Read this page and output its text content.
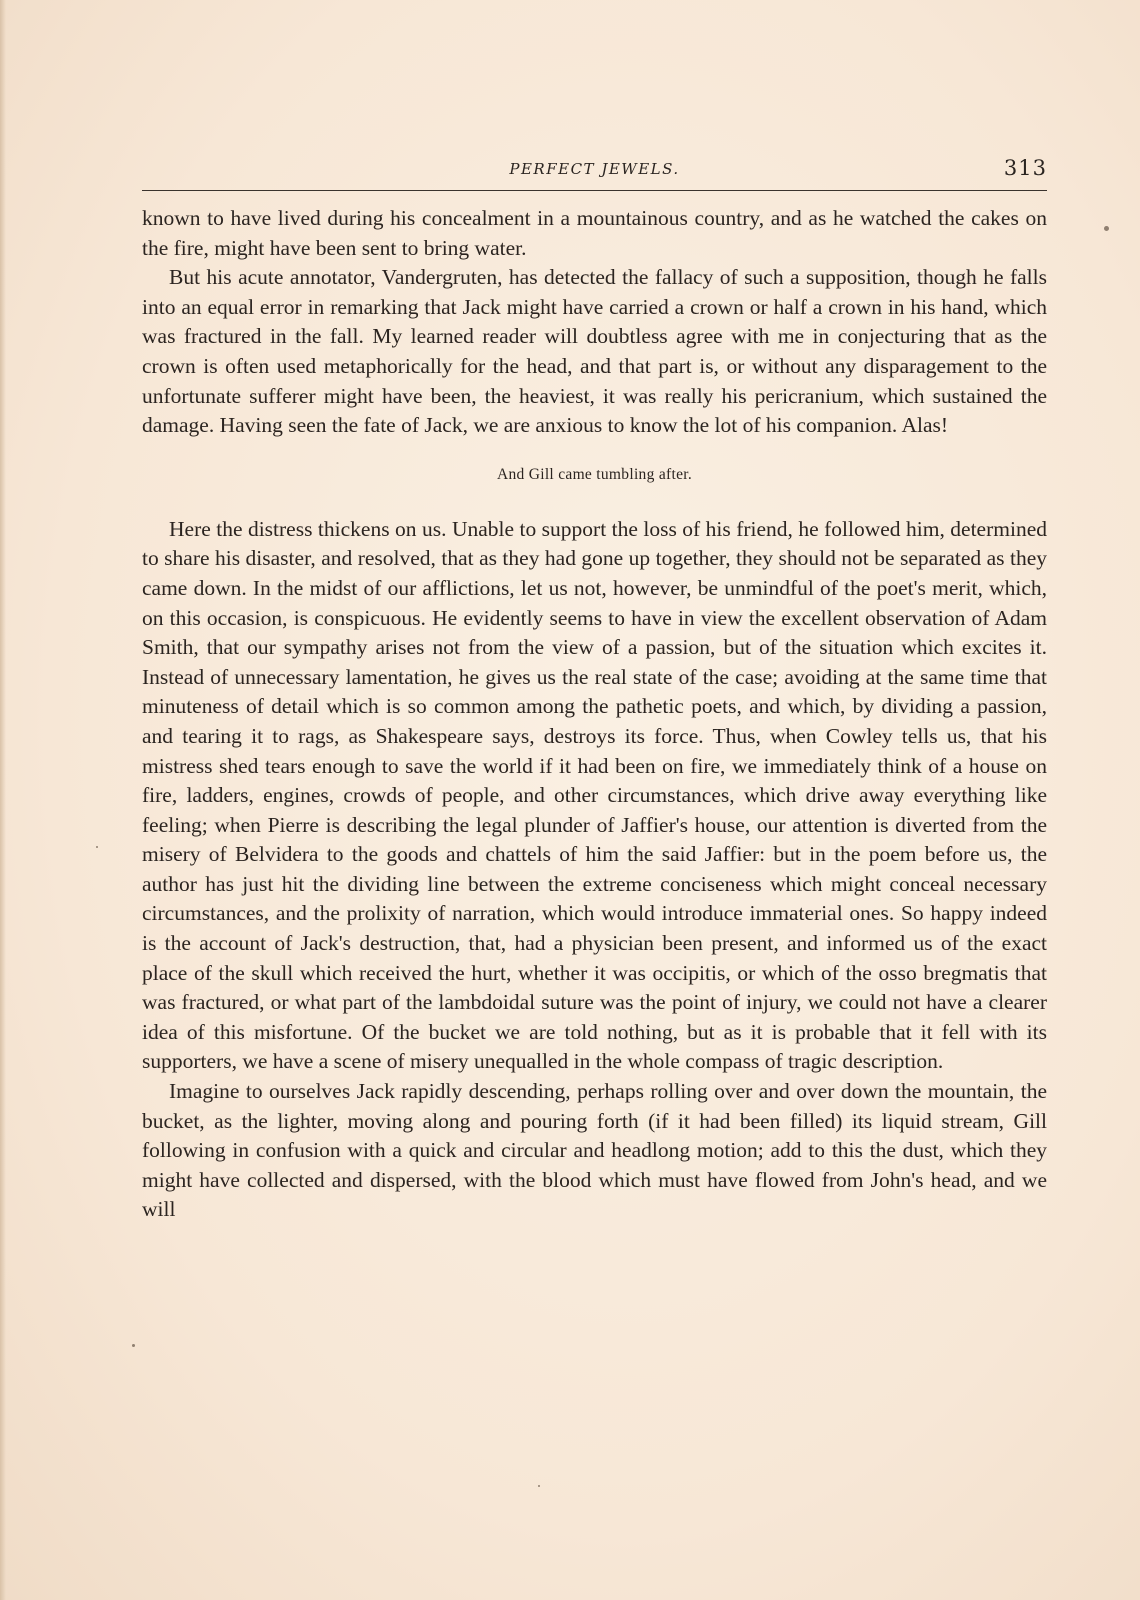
PERFECT JEWELS.	313

known to have lived during his concealment in a mountainous country, and as he watched the cakes on the fire, might have been sent to bring water.

But his acute annotator, Vandergruten, has detected the fallacy of such a supposition, though he falls into an equal error in remarking that Jack might have carried a crown or half a crown in his hand, which was fractured in the fall. My learned reader will doubtless agree with me in conjecturing that as the crown is often used metaphorically for the head, and that part is, or without any disparagement to the unfortunate sufferer might have been, the heaviest, it was really his pericranium, which sustained the damage. Having seen the fate of Jack, we are anxious to know the lot of his companion. Alas!

And Gill came tumbling after.

Here the distress thickens on us. Unable to support the loss of his friend, he followed him, determined to share his disaster, and resolved, that as they had gone up together, they should not be separated as they came down. In the midst of our afflictions, let us not, however, be unmindful of the poet's merit, which, on this occasion, is conspicuous. He evidently seems to have in view the excellent observation of Adam Smith, that our sympathy arises not from the view of a passion, but of the situation which excites it. Instead of unnecessary lamentation, he gives us the real state of the case; avoiding at the same time that minuteness of detail which is so common among the pathetic poets, and which, by dividing a passion, and tearing it to rags, as Shakespeare says, destroys its force. Thus, when Cowley tells us, that his mistress shed tears enough to save the world if it had been on fire, we immediately think of a house on fire, ladders, engines, crowds of people, and other circumstances, which drive away everything like feeling; when Pierre is describing the legal plunder of Jaffier's house, our attention is diverted from the misery of Belvidera to the goods and chattels of him the said Jaffier: but in the poem before us, the author has just hit the dividing line between the extreme conciseness which might conceal necessary circumstances, and the prolixity of narration, which would introduce immaterial ones. So happy indeed is the account of Jack's destruction, that, had a physician been present, and informed us of the exact place of the skull which received the hurt, whether it was occipitis, or which of the osso bregmatis that was fractured, or what part of the lambdoidal suture was the point of injury, we could not have a clearer idea of this misfortune. Of the bucket we are told nothing, but as it is probable that it fell with its supporters, we have a scene of misery unequalled in the whole compass of tragic description.

Imagine to ourselves Jack rapidly descending, perhaps rolling over and over down the mountain, the bucket, as the lighter, moving along and pouring forth (if it had been filled) its liquid stream, Gill following in confusion with a quick and circular and headlong motion; add to this the dust, which they might have collected and dispersed, with the blood which must have flowed from John's head, and we will
